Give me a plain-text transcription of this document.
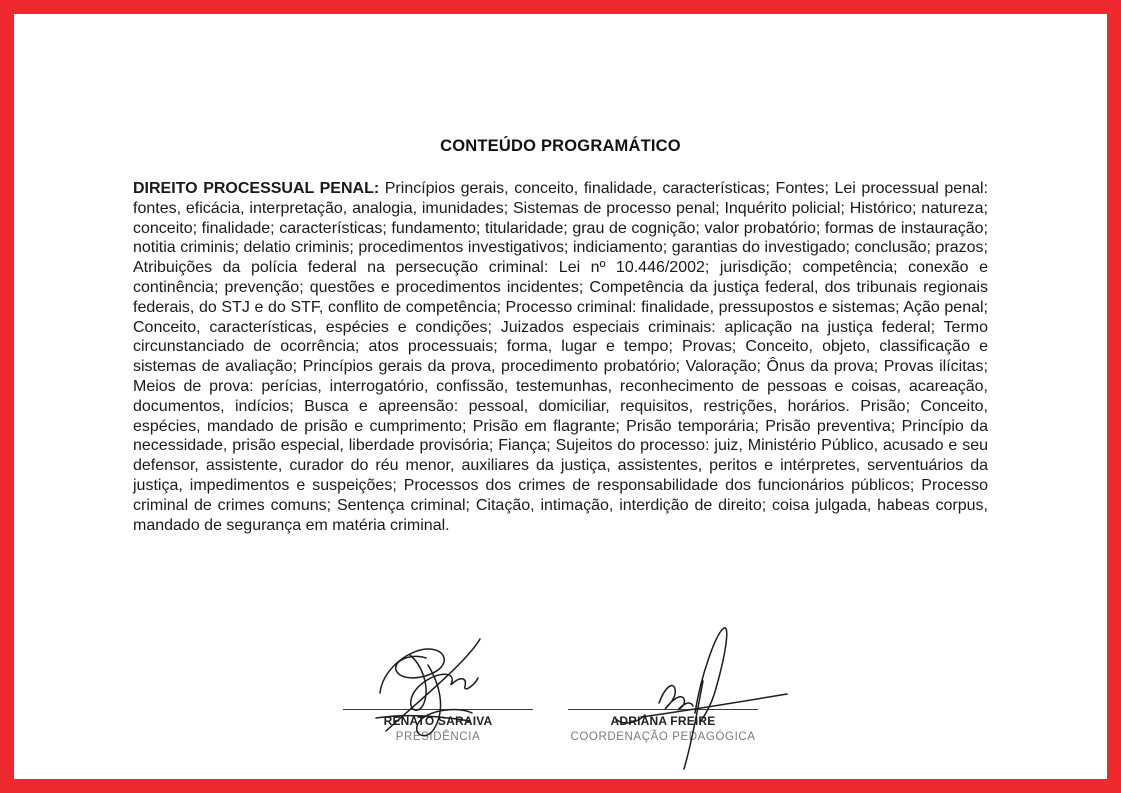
CONTEÚDO PROGRAMÁTICO

DIREITO PROCESSUAL PENAL: Princípios gerais, conceito, finalidade, características; Fontes; Lei processual penal: fontes, eficácia, interpretação, analogia, imunidades; Sistemas de processo penal; Inquérito policial; Histórico; natureza; conceito; finalidade; características; fundamento; titularidade; grau de cognição; valor probatório; formas de instauração; notitia criminis; delatio criminis; procedimentos investigativos; indiciamento; garantias do investigado; conclusão; prazos; Atribuições da polícia federal na persecução criminal: Lei nº 10.446/2002; jurisdição; competência; conexão e continência; prevenção; questões e procedimentos incidentes; Competência da justiça federal, dos tribunais regionais federais, do STJ e do STF, conflito de competência; Processo criminal: finalidade, pressupostos e sistemas; Ação penal; Conceito, características, espécies e condições; Juizados especiais criminais: aplicação na justiça federal; Termo circunstanciado de ocorrência; atos processuais; forma, lugar e tempo; Provas; Conceito, objeto, classificação e sistemas de avaliação; Princípios gerais da prova, procedimento probatório; Valoração; Ônus da prova; Provas ilícitas; Meios de prova: perícias, interrogatório, confissão, testemunhas, reconhecimento de pessoas e coisas, acareação, documentos, indícios; Busca e apreensão: pessoal, domiciliar, requisitos, restrições, horários. Prisão; Conceito, espécies, mandado de prisão e cumprimento; Prisão em flagrante; Prisão temporária; Prisão preventiva; Princípio da necessidade, prisão especial, liberdade provisória; Fiança; Sujeitos do processo: juiz, Ministério Público, acusado e seu defensor, assistente, curador do réu menor, auxiliares da justiça, assistentes, peritos e intérpretes, serventuários da justiça, impedimentos e suspeições; Processos dos crimes de responsabilidade dos funcionários públicos; Processo criminal de crimes comuns; Sentença criminal; Citação, intimação, interdição de direito; coisa julgada, habeas corpus, mandado de segurança em matéria criminal.

RENATO SARAIVA
PRESIDÊNCIA
ADRIANA FREIRE
COORDENAÇÃO PEDAGÓGICA
